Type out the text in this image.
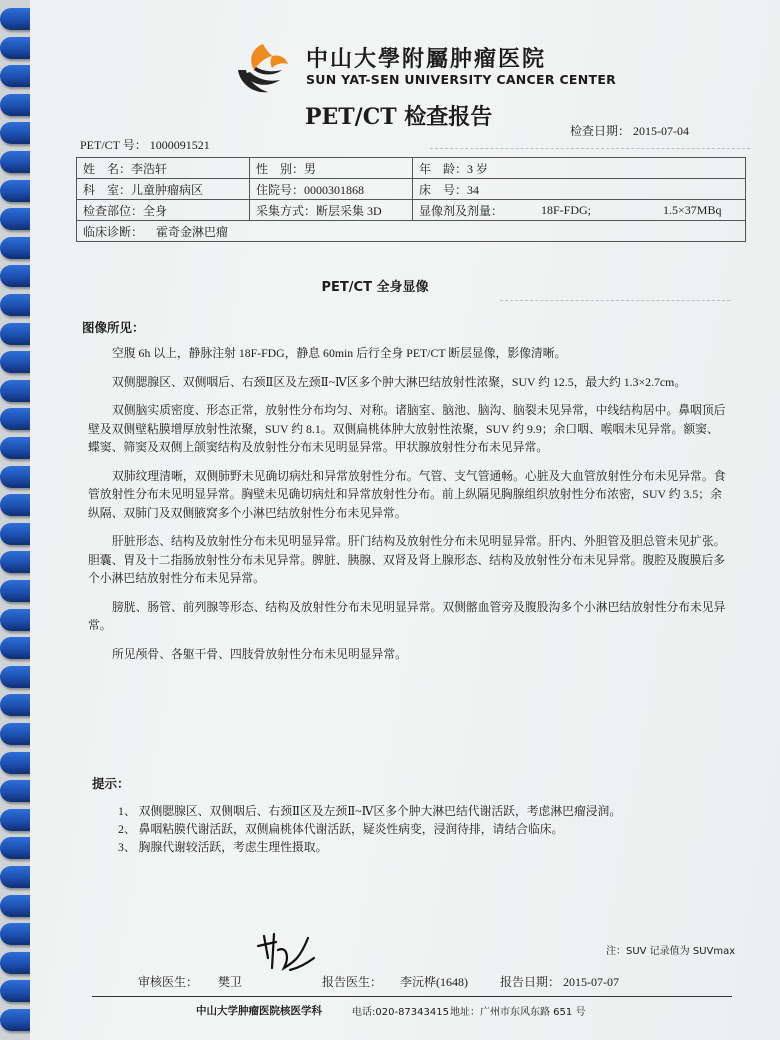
中山大學附屬肿瘤医院
SUN YAT-SEN UNIVERSITY CANCER CENTER
PET/CT 检查报告
PET/CT 号： 1000091521
检查日期： 2015-07-04
姓　名：李浩轩	性　别：男	年　龄：3 岁		
科　室：儿童肿瘤病区	住院号：0000301868	床　号：34		
检查部位：全身	采集方式：断层采集 3D	显像剂及剂量：	18F-FDG;	1.5×37MBq
临床诊断： 霍奇金淋巴瘤				
PET/CT 全身显像
图像所见：

空腹 6h 以上，静脉注射 18F-FDG，静息 60min 后行全身 PET/CT 断层显像，影像清晰。

双侧腮腺区、双侧咽后、右颈Ⅱ区及左颈Ⅱ~Ⅳ区多个肿大淋巴结放射性浓聚，SUV 约 12.5，最大约 1.3×2.7cm。

双侧脑实质密度、形态正常，放射性分布均匀、对称。诸脑室、脑池、脑沟、脑裂未见异常，中线结构居中。鼻咽顶后壁及双侧壁粘膜增厚放射性浓聚，SUV 约 8.1。双侧扁桃体肿大放射性浓聚，SUV 约 9.9；余口咽、喉咽未见异常。额窦、蝶窦、筛窦及双侧上颌窦结构及放射性分布未见明显异常。甲状腺放射性分布未见异常。

双肺纹理清晰，双侧肺野未见确切病灶和异常放射性分布。气管、支气管通畅。心脏及大血管放射性分布未见异常。食管放射性分布未见明显异常。胸壁未见确切病灶和异常放射性分布。前上纵隔见胸腺组织放射性分布浓密，SUV 约 3.5；余纵隔、双肺门及双侧腋窝多个小淋巴结放射性分布未见异常。

肝脏形态、结构及放射性分布未见明显异常。肝门结构及放射性分布未见明显异常。肝内、外胆管及胆总管未见扩张。胆囊、胃及十二指肠放射性分布未见异常。脾脏、胰腺、双肾及肾上腺形态、结构及放射性分布未见异常。腹腔及腹膜后多个小淋巴结放射性分布未见异常。

膀胱、肠管、前列腺等形态、结构及放射性分布未见明显异常。双侧髂血管旁及腹股沟多个小淋巴结放射性分布未见异常。

所见颅骨、各躯干骨、四肢骨放射性分布未见明显异常。

提示：
1、 双侧腮腺区、双侧咽后、右颈Ⅱ区及左颈Ⅱ~Ⅳ区多个肿大淋巴结代谢活跃，考虑淋巴瘤浸润。
2、 鼻咽粘膜代谢活跃，双侧扁桃体代谢活跃，疑炎性病变，浸润待排，请结合临床。
3、 胸腺代谢较活跃，考虑生理性摄取。
注：SUV 记录值为 SUVmax
审核医生： 樊卫	报告医生： 李沅桦(1648)	报告日期： 2015-07-07
中山大学肿瘤医院核医学科	电话:020-87343415 地址：广州市东风东路 651 号
